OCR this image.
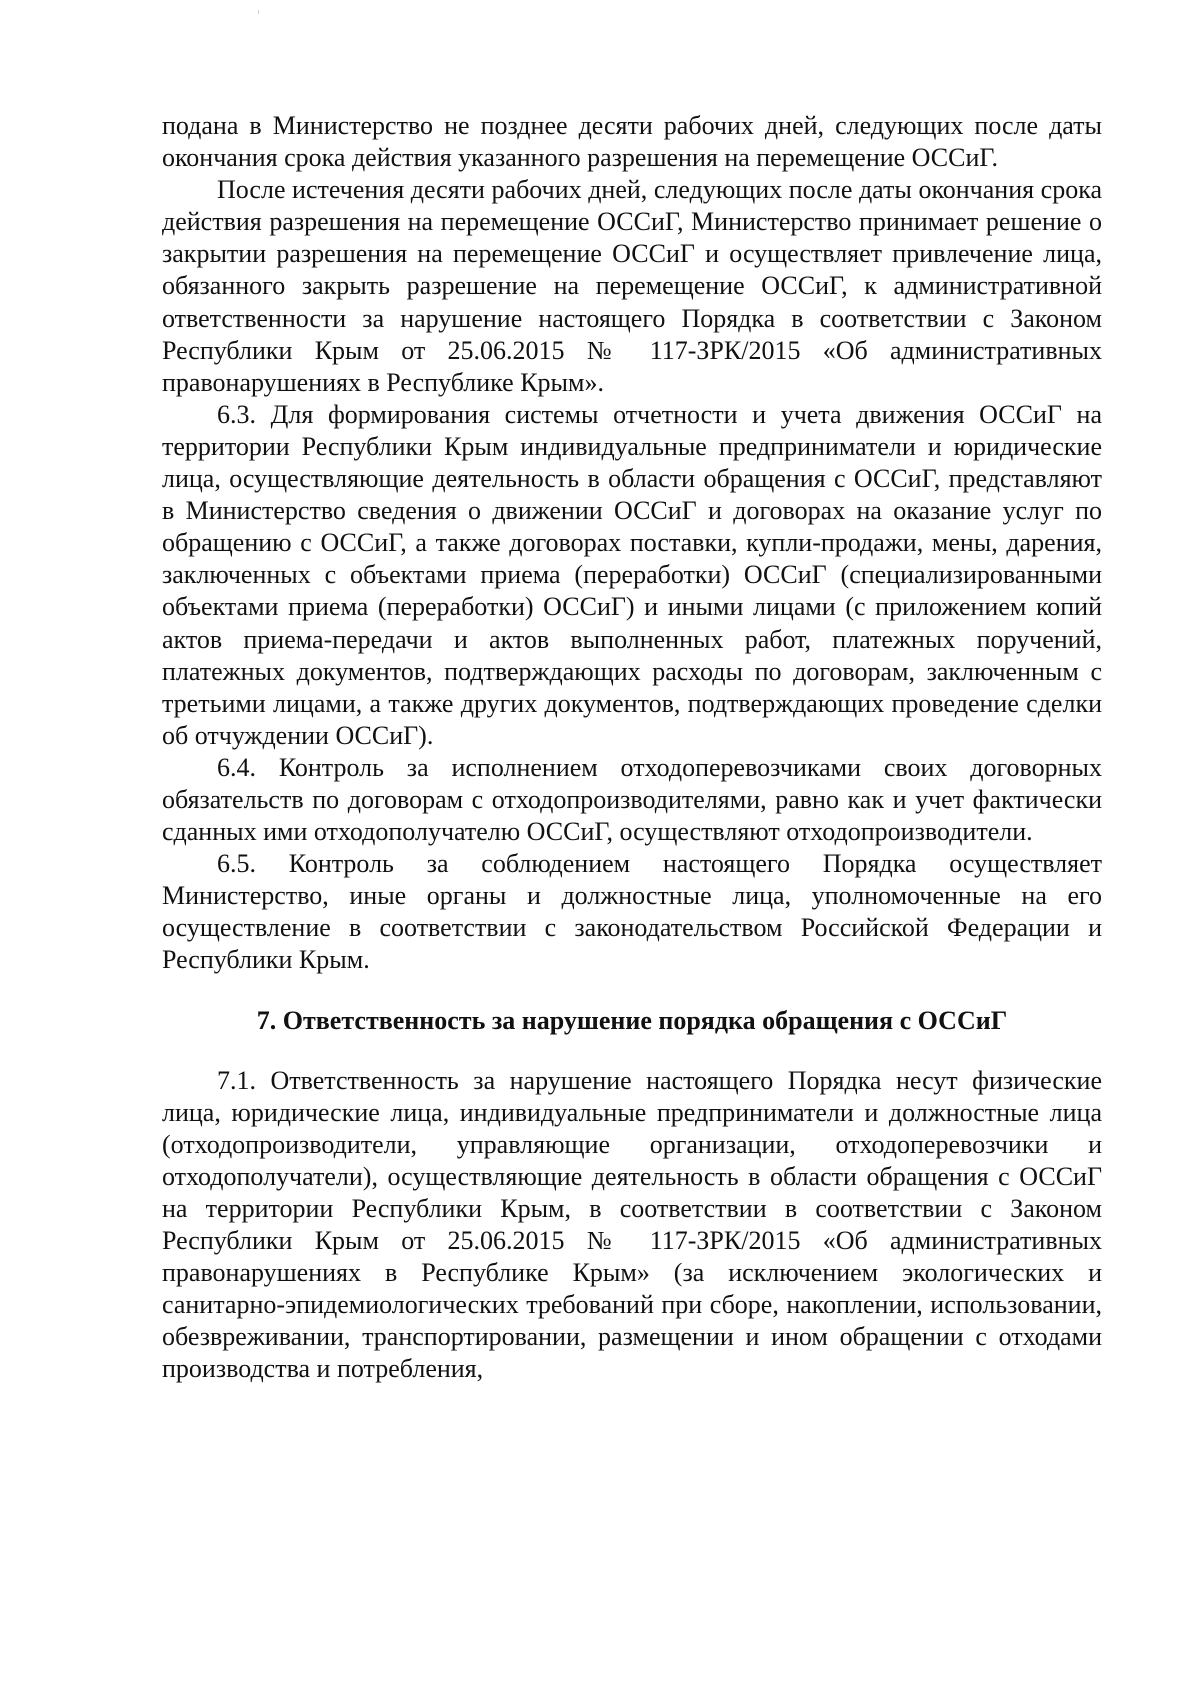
подана в Министерство не позднее десяти рабочих дней, следующих после даты окончания срока действия указанного разрешения на перемещение ОССиГ.

После истечения десяти рабочих дней, следующих после даты окончания срока действия разрешения на перемещение ОССиГ, Министерство принимает решение о закрытии разрешения на перемещение ОССиГ и осуществляет привлечение лица, обязанного закрыть разрешение на перемещение ОССиГ, к административной ответственности за нарушение настоящего Порядка в соответствии с Законом Республики Крым от 25.06.2015 № 117-ЗРК/2015 «Об административных правонарушениях в Республике Крым».

6.3. Для формирования системы отчетности и учета движения ОССиГ на территории Республики Крым индивидуальные предприниматели и юридические лица, осуществляющие деятельность в области обращения с ОССиГ, представляют в Министерство сведения о движении ОССиГ и договорах на оказание услуг по обращению с ОССиГ, а также договорах поставки, купли-продажи, мены, дарения, заключенных с объектами приема (переработки) ОССиГ (специализированными объектами приема (переработки) ОССиГ) и иными лицами (с приложением копий актов приема-передачи и актов выполненных работ, платежных поручений, платежных документов, подтверждающих расходы по договорам, заключенным с третьими лицами, а также других документов, подтверждающих проведение сделки об отчуждении ОССиГ).

6.4. Контроль за исполнением отходоперевозчиками своих договорных обязательств по договорам с отходопроизводителями, равно как и учет фактически сданных ими отходополучателю ОССиГ, осуществляют отходопроизводители.

6.5. Контроль за соблюдением настоящего Порядка осуществляет Министерство, иные органы и должностные лица, уполномоченные на его осуществление в соответствии с законодательством Российской Федерации и Республики Крым.

7. Ответственность за нарушение порядка обращения с ОССиГ

7.1. Ответственность за нарушение настоящего Порядка несут физические лица, юридические лица, индивидуальные предприниматели и должностные лица (отходопроизводители, управляющие организации, отходоперевозчики и отходополучатели), осуществляющие деятельность в области обращения с ОССиГ на территории Республики Крым, в соответствии в соответствии с Законом Республики Крым от 25.06.2015 № 117-ЗРК/2015 «Об административных правонарушениях в Республике Крым» (за исключением экологических и санитарно-эпидемиологических требований при сборе, накоплении, использовании, обезвреживании, транспортировании, размещении и ином обращении с отходами производства и потребления,
